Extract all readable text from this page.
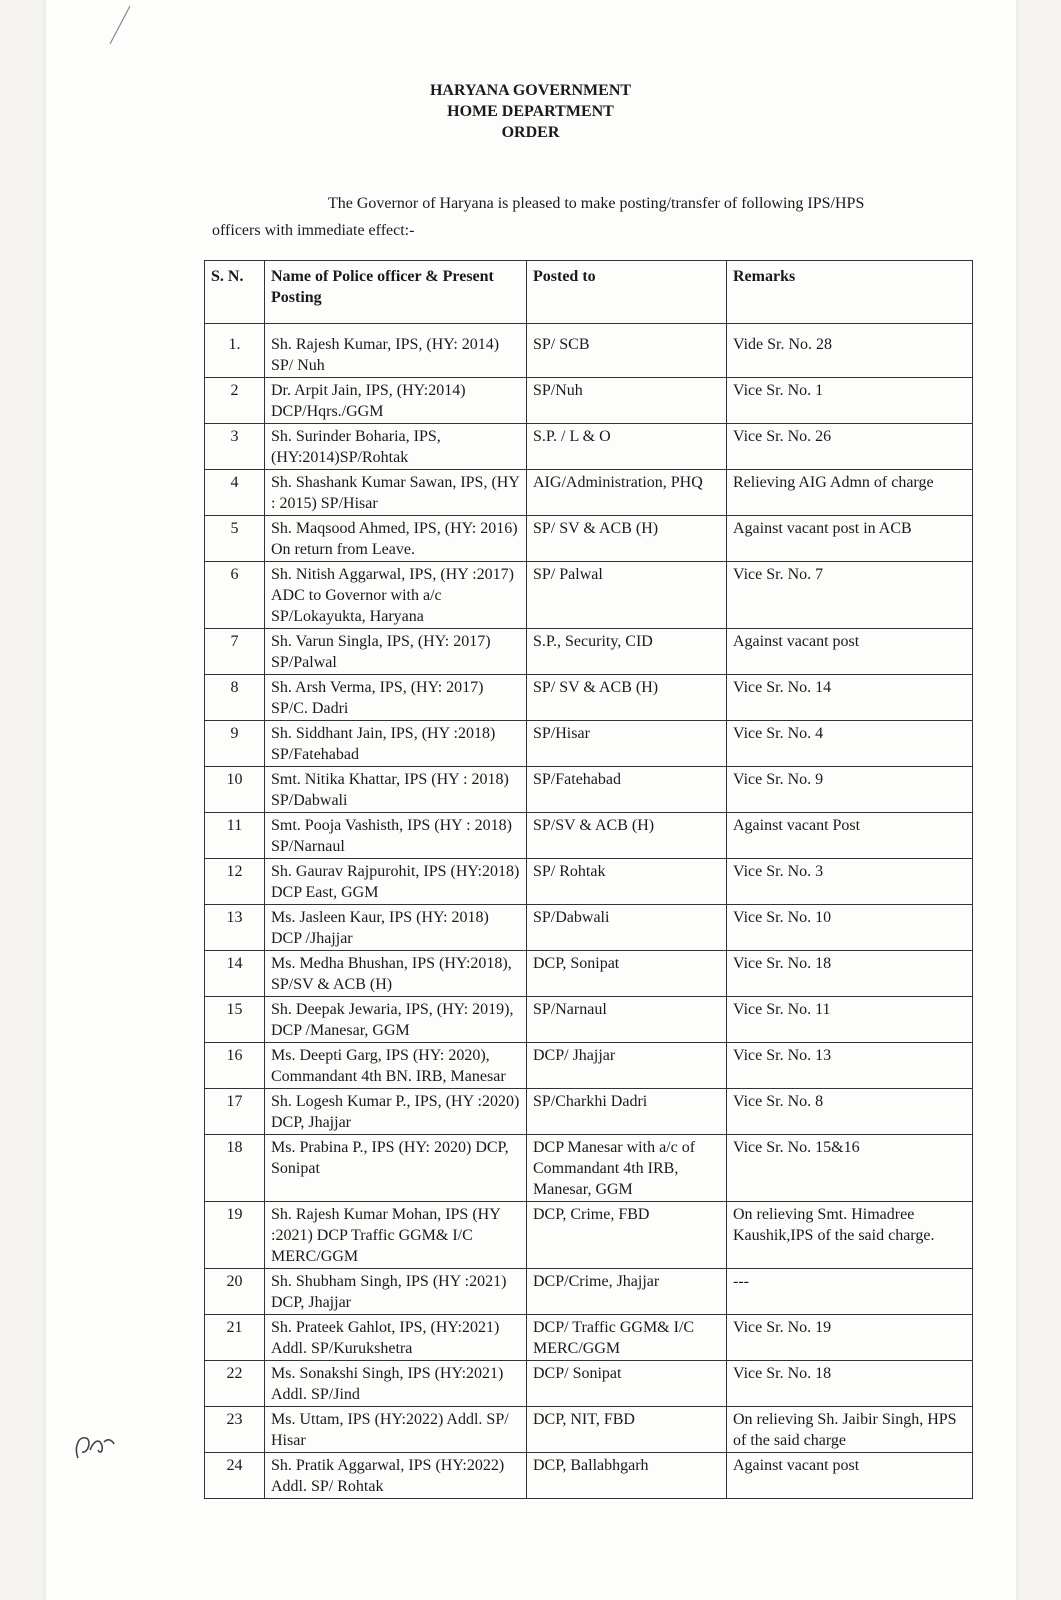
HARYANA GOVERNMENT
HOME DEPARTMENT
ORDER
The Governor of Haryana is pleased to make posting/transfer of following IPS/HPS
officers with immediate effect:-
S. N.	Name of Police officer & Present Posting	Posted to	Remarks
1.	Sh. Rajesh Kumar, IPS, (HY: 2014) SP/ Nuh	SP/ SCB	Vide Sr. No. 28
2	Dr. Arpit Jain, IPS, (HY:2014) DCP/Hqrs./GGM	SP/Nuh	Vice Sr. No. 1
3	Sh. Surinder Boharia, IPS, (HY:2014)SP/Rohtak	S.P. / L & O	Vice Sr. No. 26
4	Sh. Shashank Kumar Sawan, IPS, (HY : 2015) SP/Hisar	AIG/Administration, PHQ	Relieving AIG Admn of charge
5	Sh. Maqsood Ahmed, IPS, (HY: 2016) On return from Leave.	SP/ SV & ACB (H)	Against vacant post in ACB
6	Sh. Nitish Aggarwal, IPS, (HY :2017) ADC to Governor with a/c SP/Lokayukta, Haryana	SP/ Palwal	Vice Sr. No. 7
7	Sh. Varun Singla, IPS, (HY: 2017) SP/Palwal	S.P., Security, CID	Against vacant post
8	Sh. Arsh Verma, IPS, (HY: 2017) SP/C. Dadri	SP/ SV & ACB (H)	Vice Sr. No. 14
9	Sh. Siddhant Jain, IPS, (HY :2018) SP/Fatehabad	SP/Hisar	Vice Sr. No. 4
10	Smt. Nitika Khattar, IPS (HY : 2018) SP/Dabwali	SP/Fatehabad	Vice Sr. No. 9
11	Smt. Pooja Vashisth, IPS (HY : 2018) SP/Narnaul	SP/SV & ACB (H)	Against vacant Post
12	Sh. Gaurav Rajpurohit, IPS (HY:2018) DCP East, GGM	SP/ Rohtak	Vice Sr. No. 3
13	Ms. Jasleen Kaur, IPS (HY: 2018) DCP /Jhajjar	SP/Dabwali	Vice Sr. No. 10
14	Ms. Medha Bhushan, IPS (HY:2018), SP/SV & ACB (H)	DCP, Sonipat	Vice Sr. No. 18
15	Sh. Deepak Jewaria, IPS, (HY: 2019), DCP /Manesar, GGM	SP/Narnaul	Vice Sr. No. 11
16	Ms. Deepti Garg, IPS (HY: 2020), Commandant 4th BN. IRB, Manesar	DCP/ Jhajjar	Vice Sr. No. 13
17	Sh. Logesh Kumar P., IPS, (HY :2020) DCP, Jhajjar	SP/Charkhi Dadri	Vice Sr. No. 8
18	Ms. Prabina P., IPS (HY: 2020) DCP, Sonipat	DCP Manesar with a/c of Commandant 4th IRB, Manesar, GGM	Vice Sr. No. 15&16
19	Sh. Rajesh Kumar Mohan, IPS (HY :2021) DCP Traffic GGM& I/C MERC/GGM	DCP, Crime, FBD	On relieving Smt. Himadree Kaushik,IPS of the said charge.
20	Sh. Shubham Singh, IPS (HY :2021) DCP, Jhajjar	DCP/Crime, Jhajjar	---
21	Sh. Prateek Gahlot, IPS, (HY:2021) Addl. SP/Kurukshetra	DCP/ Traffic GGM& I/C MERC/GGM	Vice Sr. No. 19
22	Ms. Sonakshi Singh, IPS (HY:2021) Addl. SP/Jind	DCP/ Sonipat	Vice Sr. No. 18
23	Ms. Uttam, IPS (HY:2022) Addl. SP/ Hisar	DCP, NIT, FBD	On relieving Sh. Jaibir Singh, HPS of the said charge
24	Sh. Pratik Aggarwal, IPS (HY:2022) Addl. SP/ Rohtak	DCP, Ballabhgarh	Against vacant post
